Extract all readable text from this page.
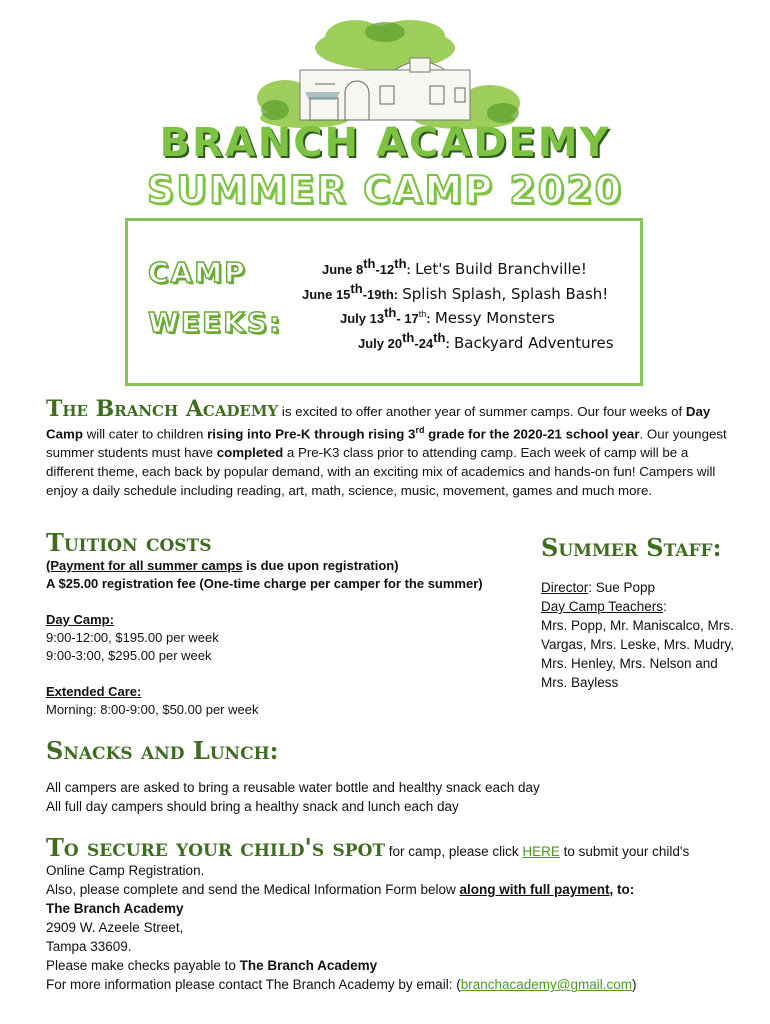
BRANCH ACADEMY
SUMMER CAMP 2020
CAMP
WEEKS:
June 8th-12th: Let's Build Branchville!
June 15th-19th: Splish Splash, Splash Bash!
July 13th- 17th: Messy Monsters
July 20th-24th: Backyard Adventures
The Branch Academy is excited to offer another year of summer camps. Our four weeks of Day Camp will cater to children rising into Pre-K through rising 3rd grade for the 2020-21 school year. Our youngest summer students must have completed a Pre-K3 class prior to attending camp. Each week of camp will be a different theme, each back by popular demand, with an exciting mix of academics and hands-on fun! Campers will enjoy a daily schedule including reading, art, math, science, music, movement, games and much more.
Tuition costs
(Payment for all summer camps is due upon registration)
A $25.00 registration fee (One-time charge per camper for the summer)
Day Camp:
9:00-12:00, $195.00 per week
9:00-3:00, $295.00 per week
Extended Care:
Morning: 8:00-9:00, $50.00 per week
Summer Staff:
Director: Sue Popp
Day Camp Teachers:
Mrs. Popp, Mr. Maniscalco, Mrs. Vargas, Mrs. Leske, Mrs. Mudry, Mrs. Henley, Mrs. Nelson and Mrs. Bayless
Snacks and Lunch:
All campers are asked to bring a reusable water bottle and healthy snack each day
All full day campers should bring a healthy snack and lunch each day
To secure your child's spot for camp, please click HERE to submit your child's
Online Camp Registration.
Also, please complete and send the Medical Information Form below along with full payment, to:
The Branch Academy
2909 W. Azeele Street,
Tampa 33609.
Please make checks payable to The Branch Academy
For more information please contact The Branch Academy by email: (branchacademy@gmail.com)
